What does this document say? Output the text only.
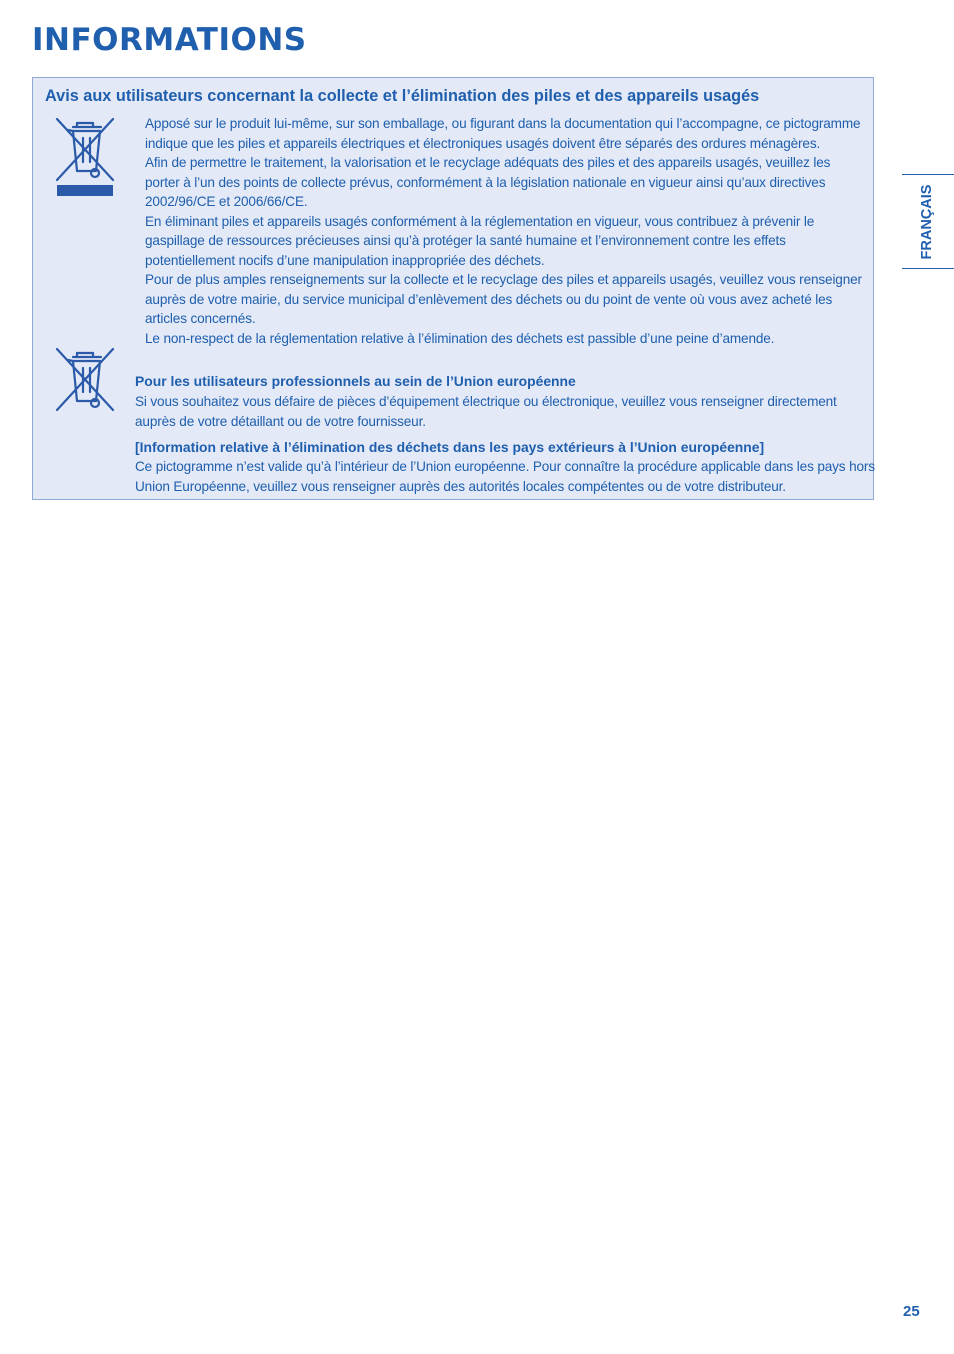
INFORMATIONS
Avis aux utilisateurs concernant la collecte et l’élimination des piles et des appareils usagés
Apposé sur le produit lui-même, sur son emballage, ou figurant dans la documentation qui l’accompagne, ce pictogramme indique que les piles et appareils électriques et électroniques usagés doivent être séparés des ordures ménagères.
Afin de permettre le traitement, la valorisation et le recyclage adéquats des piles et des appareils usagés, veuillez les porter à l’un des points de collecte prévus, conformément à la législation nationale en vigueur ainsi qu’aux directives 2002/96/CE et 2006/66/CE.
En éliminant piles et appareils usagés conformément à la réglementation en vigueur, vous contribuez à prévenir le gaspillage de ressources précieuses ainsi qu’à protéger la santé humaine et l’environnement contre les effets potentiellement nocifs d’une manipulation inappropriée des déchets.
Pour de plus amples renseignements sur la collecte et le recyclage des piles et appareils usagés, veuillez vous renseigner auprès de votre mairie, du service municipal d’enlèvement des déchets ou du point de vente où vous avez acheté les articles concernés.
Le non-respect de la réglementation relative à l’élimination des déchets est passible d’une peine d’amende.
Pour les utilisateurs professionnels au sein de l’Union européenne

Si vous souhaitez vous défaire de pièces d’équipement électrique ou électronique, veuillez vous renseigner directement auprès de votre détaillant ou de votre fournisseur.

[Information relative à l’élimination des déchets dans les pays extérieurs à l’Union européenne]

Ce pictogramme n’est valide qu’à l’intérieur de l’Union européenne. Pour connaître la procédure applicable dans les pays hors Union Européenne, veuillez vous renseigner auprès des autorités locales compétentes ou de votre distributeur.

FRANÇAIS
25
